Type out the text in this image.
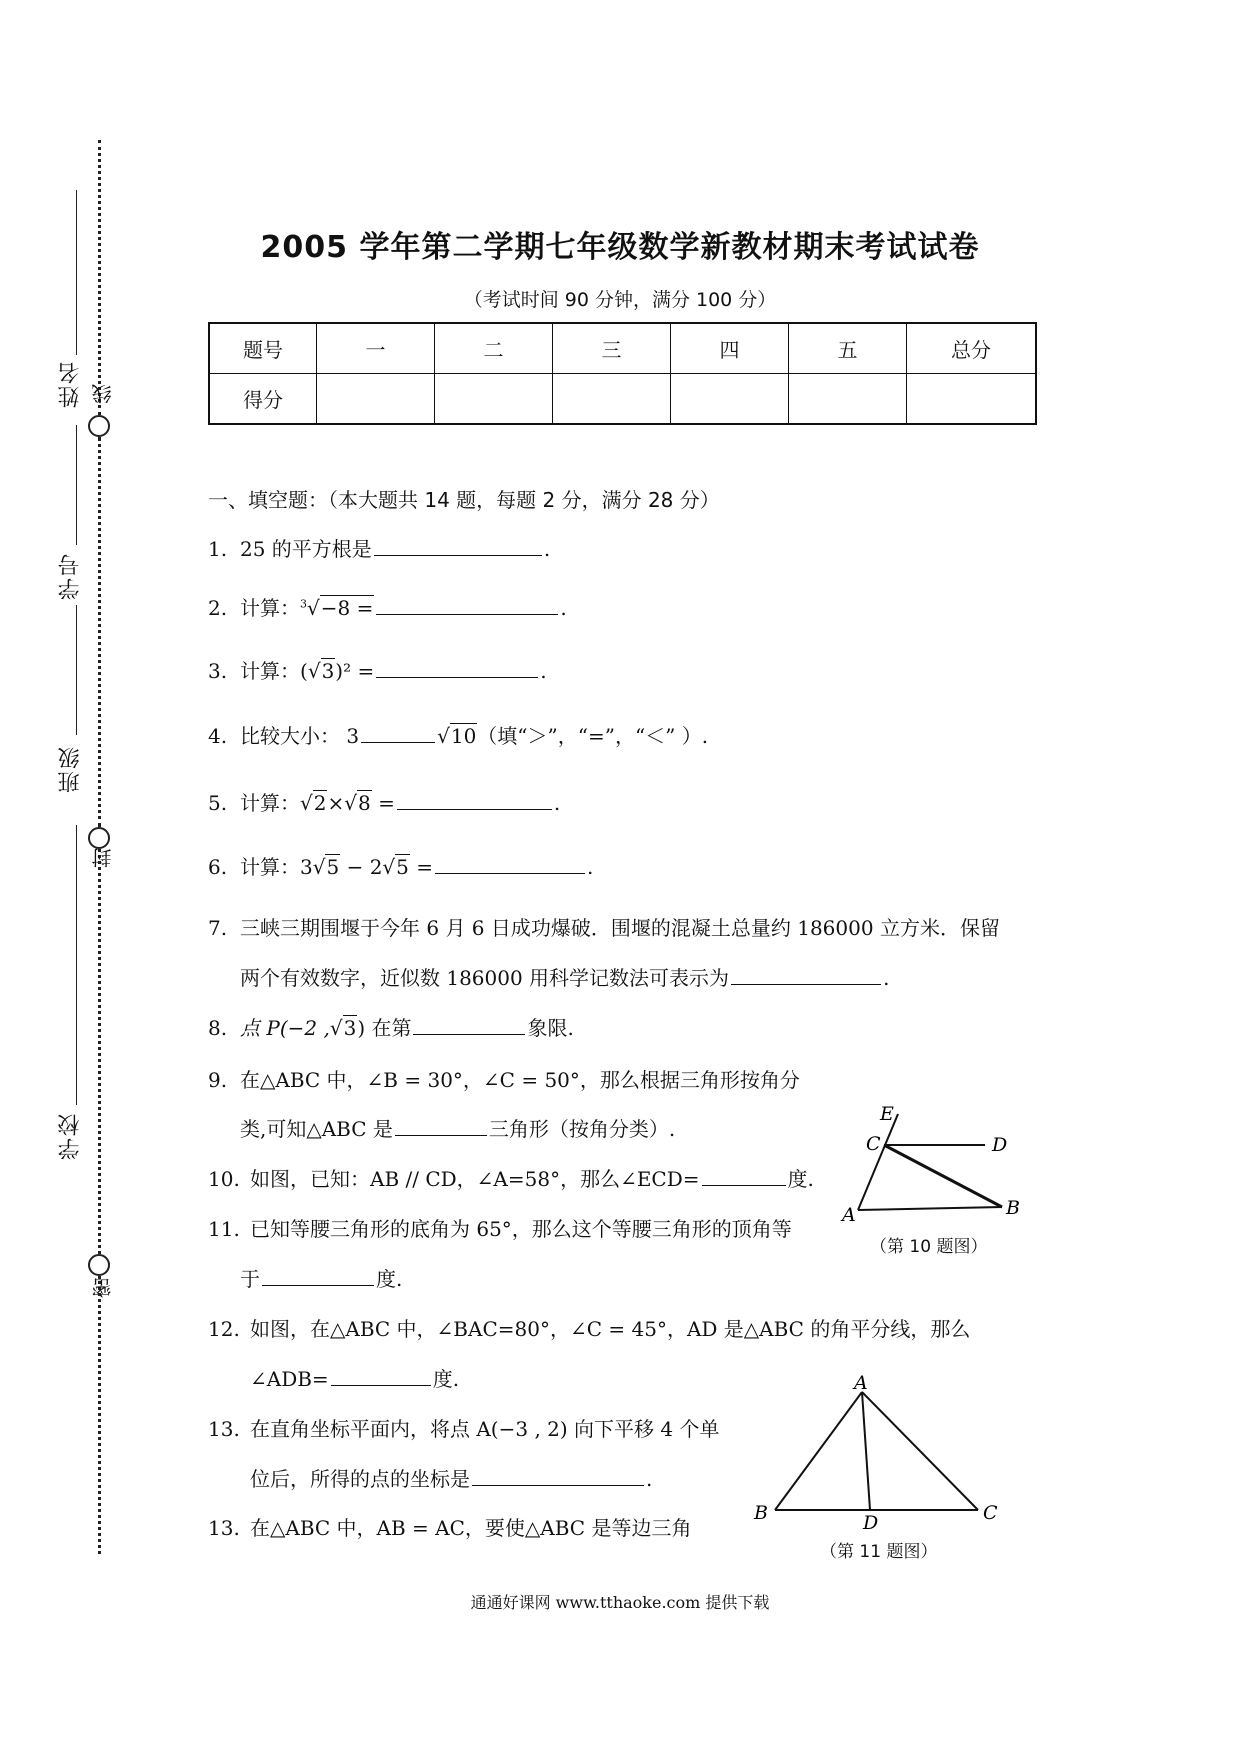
姓名 线
学号
班级
封
学校
密
2005 学年第二学期七年级数学新教材期末考试试卷
（考试时间 90 分钟，满分 100 分）
题号	一	二	三	四	五	总分
得分						
一、填空题：（本大题共 14 题，每题 2 分，满分 28 分）
1. 25 的平方根是	.
2. 计算：$^3$√−8 =	.
3. 计算：(√3)² =	.
4. 比较大小： 3	√10（填“＞”，“=”，“＜” ）.
5. 计算：√2×√8 =	.
6. 计算：3√5 − 2√5 =	.
7. 三峡三期围堰于今年 6 月 6 日成功爆破．围堰的混凝土总量约 186000 立方米．保留
两个有效数字，近似数 186000 用科学记数法可表示为	.
8. 点 P(−2 ,√3) 在第	象限.
9. 在△ABC 中，∠B = 30°，∠C = 50°，那么根据三角形按角分
类,可知△ABC 是	三角形（按角分类）.
10. 如图，已知：AB // CD，∠A=58°，那么∠ECD=	度.
11. 已知等腰三角形的底角为 65°，那么这个等腰三角形的顶角等
于	度.
12. 如图，在△ABC 中，∠BAC=80°，∠C = 45°，AD 是△ABC 的角平分线，那么
∠ADB=	度.
13. 在直角坐标平面内，将点 A(−3 , 2) 向下平移 4 个单
位后，所得的点的坐标是	.
13. 在△ABC 中，AB = AC，要使△ABC 是等边三角
E
C	D
A	B
（第 10 题图）
A
B	C
D
（第 11 题图）
通通好课网 www.tthaoke.com 提供下载
